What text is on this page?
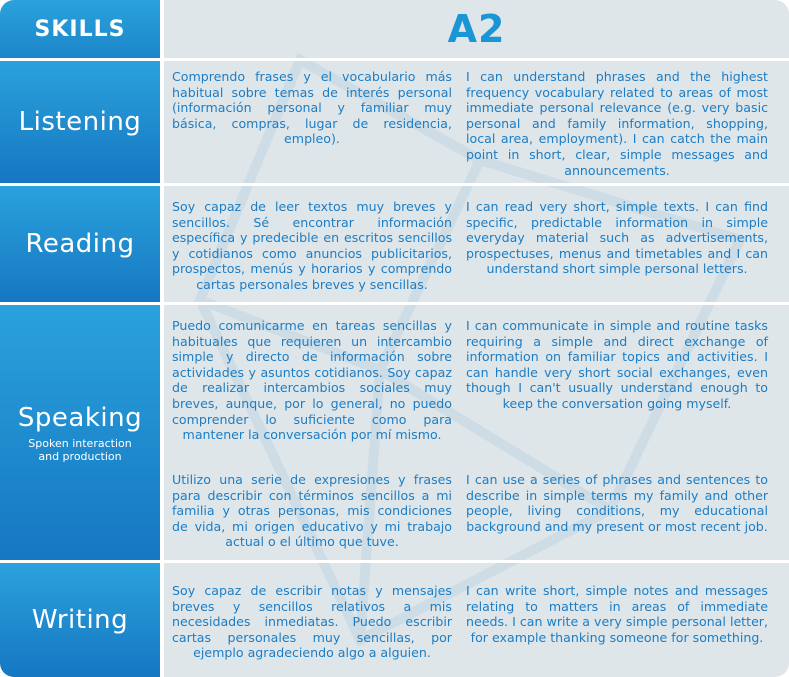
SKILLS	A2
Listening
Reading
Speaking
Spoken interaction and production
Writing
Comprendo frases y el vocabulario más habitual sobre temas de interés personal (información personal y familiar muy básica, compras, lugar de residencia, empleo).
I can understand phrases and the highest frequency vocabulary related to areas of most immediate personal relevance (e.g. very basic personal and family information, shopping, local area, employment). I can catch the main point in short, clear, simple messages and announcements.
Soy capaz de leer textos muy breves y sencillos. Sé encontrar información específica y predecible en escritos sencillos y cotidianos como anuncios publicitarios, prospectos, menús y horarios y comprendo cartas personales breves y sencillas.
I can read very short, simple texts. I can find specific, predictable information in simple everyday material such as advertisements, prospectuses, menus and timetables and I can understand short simple personal letters.
Puedo comunicarme en tareas sencillas y habituales que requieren un intercambio simple y directo de información sobre actividades y asuntos cotidianos. Soy capaz de realizar intercambios sociales muy breves, aunque, por lo general, no puedo comprender lo suficiente como para mantener la conversación por mí mismo.
I can communicate in simple and routine tasks requiring a simple and direct exchange of information on familiar topics and activities. I can handle very short social exchanges, even though I can't usually understand enough to keep the conversation going myself.
Utilizo una serie de expresiones y frases para describir con términos sencillos a mi familia y otras personas, mis condiciones de vida, mi origen educativo y mi trabajo actual o el último que tuve.
I can use a series of phrases and sentences to describe in simple terms my family and other people, living conditions, my educational background and my present or most recent job.
Soy capaz de escribir notas y mensajes breves y sencillos relativos a mis necesidades inmediatas. Puedo escribir cartas personales muy sencillas, por ejemplo agradeciendo algo a alguien.
I can write short, simple notes and messages relating to matters in areas of immediate needs. I can write a very simple personal letter, for example thanking someone for something.
